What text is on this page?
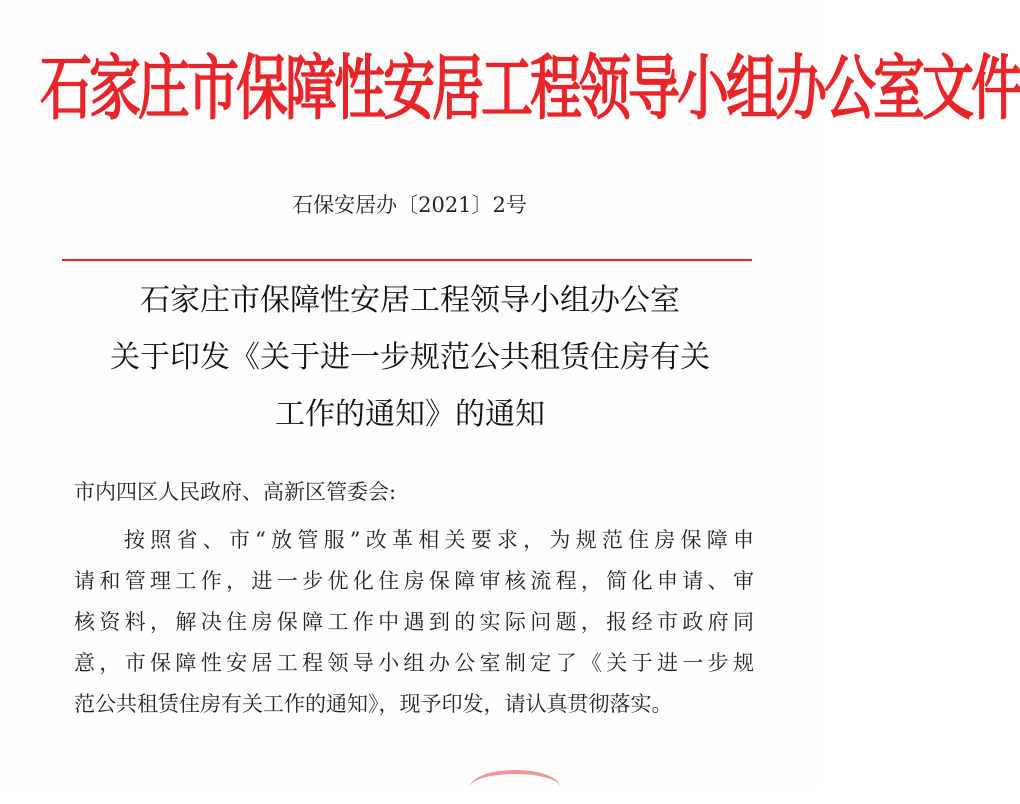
石家庄市保障性安居工程领导小组办公室文件
石保安居办〔2021〕2号
石家庄市保障性安居工程领导小组办公室
关于印发《关于进一步规范公共租赁住房有关
工作的通知》的通知
市内四区人民政府、高新区管委会:
按照省、市“放管服”改革相关要求，为规范住房保障申
请和管理工作，进一步优化住房保障审核流程，简化申请、审
核资料，解决住房保障工作中遇到的实际问题，报经市政府同
意，市保障性安居工程领导小组办公室制定了《关于进一步规
范公共租赁住房有关工作的通知》，现予印发，请认真贯彻落实。
